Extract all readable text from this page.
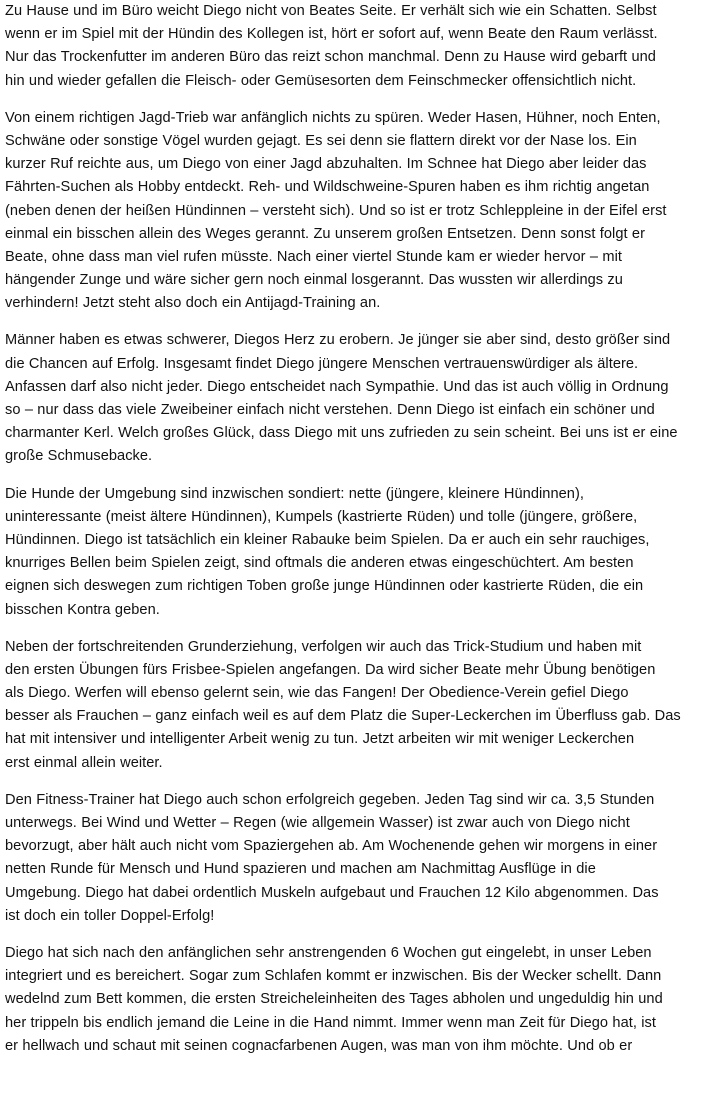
Zu Hause und im Büro weicht Diego nicht von Beates Seite. Er verhält sich wie ein Schatten. Selbst
wenn er im Spiel mit der Hündin des Kollegen ist, hört er sofort auf, wenn Beate den Raum verlässt.
Nur das Trockenfutter im anderen Büro das reizt schon manchmal. Denn zu Hause wird gebarft und
hin und wieder gefallen die Fleisch- oder Gemüsesorten dem Feinschmecker offensichtlich nicht.

Von einem richtigen Jagd-Trieb war anfänglich nichts zu spüren. Weder Hasen, Hühner, noch Enten,
Schwäne oder sonstige Vögel wurden gejagt. Es sei denn sie flattern direkt vor der Nase los. Ein
kurzer Ruf reichte aus, um Diego von einer Jagd abzuhalten. Im Schnee hat Diego aber leider das
Fährten-Suchen als Hobby entdeckt. Reh- und Wildschweine-Spuren haben es ihm richtig angetan
(neben denen der heißen Hündinnen – versteht sich). Und so ist er trotz Schleppleine in der Eifel erst
einmal ein bisschen allein des Weges gerannt. Zu unserem großen Entsetzen. Denn sonst folgt er
Beate, ohne dass man viel rufen müsste. Nach einer viertel Stunde kam er wieder hervor – mit
hängender Zunge und wäre sicher gern noch einmal losgerannt. Das wussten wir allerdings zu
verhindern! Jetzt steht also doch ein Antijagd-Training an.

Männer haben es etwas schwerer, Diegos Herz zu erobern. Je jünger sie aber sind, desto größer sind
die Chancen auf Erfolg. Insgesamt findet Diego jüngere Menschen vertrauenswürdiger als ältere.
Anfassen darf also nicht jeder. Diego entscheidet nach Sympathie. Und das ist auch völlig in Ordnung
so – nur dass das viele Zweibeiner einfach nicht verstehen. Denn Diego ist einfach ein schöner und
charmanter Kerl. Welch großes Glück, dass Diego mit uns zufrieden zu sein scheint. Bei uns ist er eine
große Schmusebacke.

Die Hunde der Umgebung sind inzwischen sondiert: nette (jüngere, kleinere Hündinnen),
uninteressante (meist ältere Hündinnen), Kumpels (kastrierte Rüden) und tolle (jüngere, größere,
Hündinnen. Diego ist tatsächlich ein kleiner Rabauke beim Spielen. Da er auch ein sehr rauchiges,
knurriges Bellen beim Spielen zeigt, sind oftmals die anderen etwas eingeschüchtert. Am besten
eignen sich deswegen zum richtigen Toben große junge Hündinnen oder kastrierte Rüden, die ein
bisschen Kontra geben.

Neben der fortschreitenden Grunderziehung, verfolgen wir auch das Trick-Studium und haben mit
den ersten Übungen fürs Frisbee-Spielen angefangen. Da wird sicher Beate mehr Übung benötigen
als Diego. Werfen will ebenso gelernt sein, wie das Fangen! Der Obedience-Verein gefiel Diego
besser als Frauchen – ganz einfach weil es auf dem Platz die Super-Leckerchen im Überfluss gab. Das
hat mit intensiver und intelligenter Arbeit wenig zu tun. Jetzt arbeiten wir mit weniger Leckerchen
erst einmal allein weiter.

Den Fitness-Trainer hat Diego auch schon erfolgreich gegeben. Jeden Tag sind wir ca. 3,5 Stunden
unterwegs. Bei Wind und Wetter – Regen (wie allgemein Wasser) ist zwar auch von Diego nicht
bevorzugt, aber hält auch nicht vom Spaziergehen ab. Am Wochenende gehen wir morgens in einer
netten Runde für Mensch und Hund spazieren und machen am Nachmittag Ausflüge in die
Umgebung. Diego hat dabei ordentlich Muskeln aufgebaut und Frauchen 12 Kilo abgenommen. Das
ist doch ein toller Doppel-Erfolg!

Diego hat sich nach den anfänglichen sehr anstrengenden 6 Wochen gut eingelebt, in unser Leben
integriert und es bereichert. Sogar zum Schlafen kommt er inzwischen. Bis der Wecker schellt. Dann
wedelnd zum Bett kommen, die ersten Streicheleinheiten des Tages abholen und ungeduldig hin und
her trippeln bis endlich jemand die Leine in die Hand nimmt. Immer wenn man Zeit für Diego hat, ist
er hellwach und schaut mit seinen cognacfarbenen Augen, was man von ihm möchte. Und ob er
